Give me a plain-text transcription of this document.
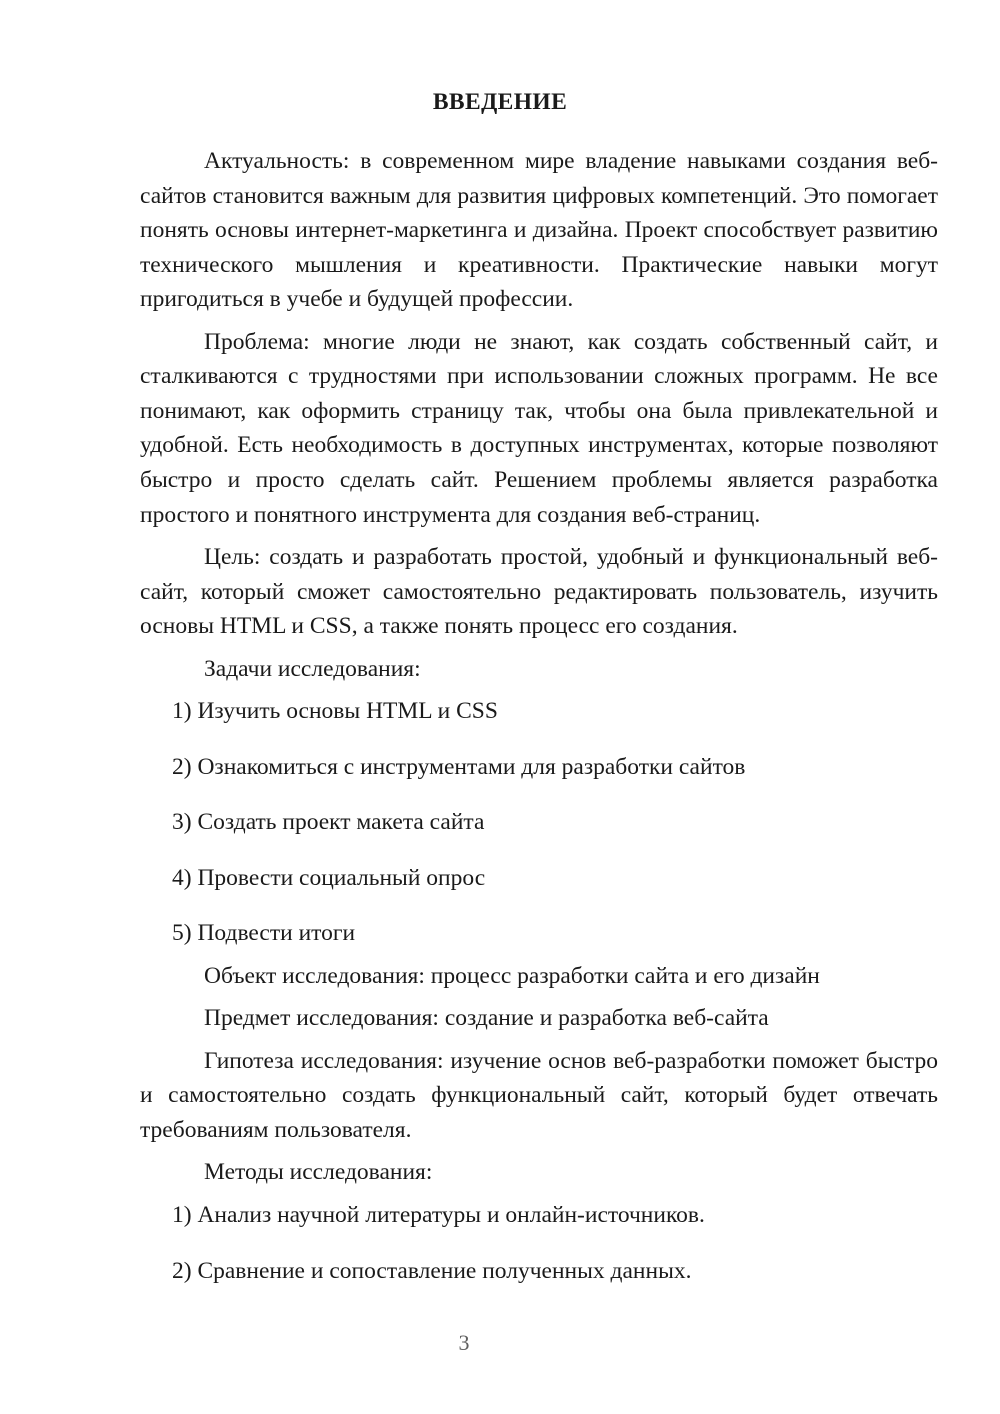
ВВЕДЕНИЕ

Актуальность: в современном мире владение навыками создания веб-сайтов становится важным для развития цифровых компетенций. Это помогает понять основы интернет-маркетинга и дизайна. Проект способствует развитию технического мышления и креативности. Практические навыки могут пригодиться в учебе и будущей профессии.

Проблема: многие люди не знают, как создать собственный сайт, и сталкиваются с трудностями при использовании сложных программ. Не все понимают, как оформить страницу так, чтобы она была привлекательной и удобной. Есть необходимость в доступных инструментах, которые позволяют быстро и просто сделать сайт. Решением проблемы является разработка простого и понятного инструмента для создания веб-страниц.

Цель: создать и разработать простой, удобный и функциональный веб-сайт, который сможет самостоятельно редактировать пользователь, изучить основы HTML и CSS, а также понять процесс его создания.

Задачи исследования:

1) Изучить основы HTML и CSS
2) Ознакомиться с инструментами для разработки сайтов
3) Создать проект макета сайта
4) Провести социальный опрос
5) Подвести итоги

Объект исследования: процесс разработки сайта и его дизайн

Предмет исследования: создание и разработка веб-сайта

Гипотеза исследования: изучение основ веб-разработки поможет быстро и самостоятельно создать функциональный сайт, который будет отвечать требованиям пользователя.

Методы исследования:

1) Анализ научной литературы и онлайн-источников.
2) Сравнение и сопоставление полученных данных.
3
